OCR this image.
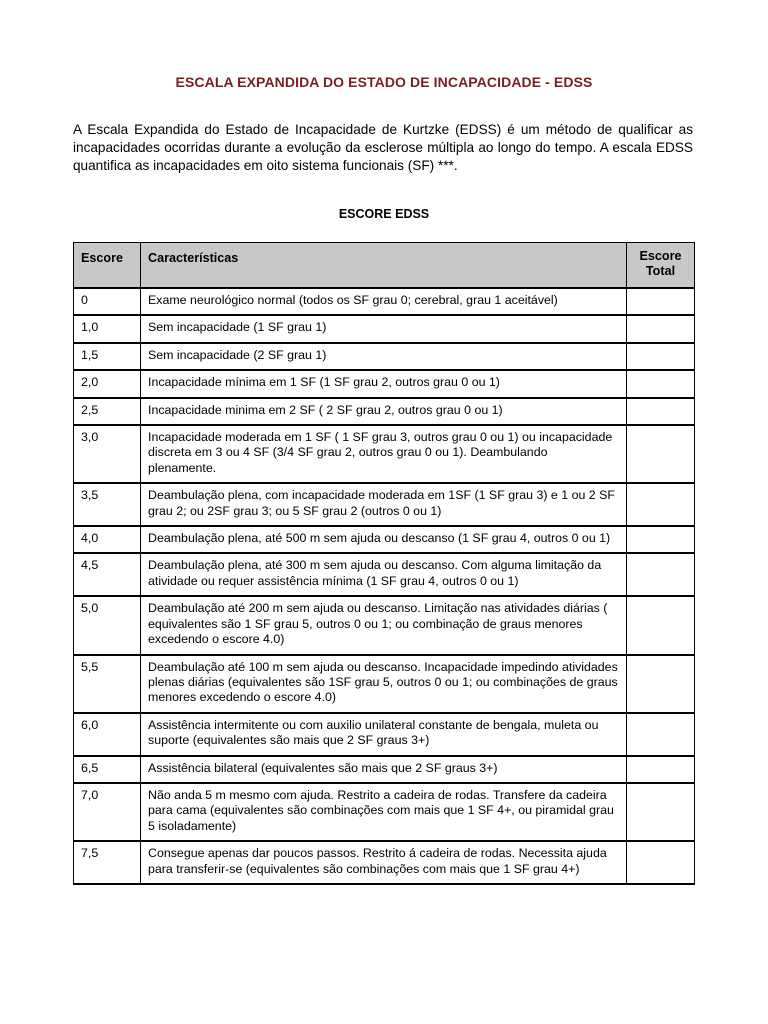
ESCALA EXPANDIDA DO ESTADO DE INCAPACIDADE - EDSS
A Escala Expandida do Estado de Incapacidade de Kurtzke (EDSS) é um método de qualificar as incapacidades ocorridas durante a evolução da esclerose múltipla ao longo do tempo. A escala EDSS quantifica as incapacidades em oito sistema funcionais (SF) ***.
ESCORE EDSS
Escore	Características	Escore Total
0	Exame neurológico normal (todos os SF grau 0; cerebral, grau 1 aceitável)	
1,0	Sem incapacidade (1 SF grau 1)	
1,5	Sem incapacidade (2 SF grau 1)	
2,0	Incapacidade mínima em 1 SF (1 SF grau 2, outros grau 0 ou 1)	
2,5	Incapacidade minima em 2 SF ( 2 SF grau 2, outros grau 0 ou 1)	
3,0	Incapacidade moderada em 1 SF ( 1 SF grau 3, outros grau 0 ou 1) ou incapacidade discreta em 3 ou 4 SF (3/4 SF grau 2, outros grau 0 ou 1). Deambulando plenamente.	
3,5	Deambulação plena, com incapacidade moderada em 1SF (1 SF grau 3) e 1 ou 2 SF grau 2; ou 2SF grau 3; ou 5 SF grau 2 (outros 0 ou 1)	
4,0	Deambulação plena, até 500 m sem ajuda ou descanso (1 SF grau 4, outros 0 ou 1)	
4,5	Deambulação plena, até 300 m sem ajuda ou descanso. Com alguma limitação da atividade ou requer assistência mínima (1 SF grau 4, outros 0 ou 1)	
5,0	Deambulação até 200 m sem ajuda ou descanso. Limitação nas atividades diárias ( equivalentes são 1 SF grau 5, outros 0 ou 1; ou combinação de graus menores excedendo o escore 4.0)	
5,5	Deambulação até 100 m sem ajuda ou descanso. Incapacidade impedindo atividades plenas diárias (equivalentes são 1SF grau 5, outros 0 ou 1; ou combinações de graus menores excedendo o escore 4.0)	
6,0	Assistência intermitente ou com auxilio unilateral constante de bengala, muleta ou suporte (equivalentes são mais que 2 SF graus 3+)	
6,5	Assistência bilateral (equivalentes são mais que 2 SF graus 3+)	
7,0	Não anda 5 m mesmo com ajuda. Restrito a cadeira de rodas. Transfere da cadeira para cama (equivalentes são combinações com mais que 1 SF 4+, ou piramidal grau 5 isoladamente)	
7,5	Consegue apenas dar poucos passos. Restrito á cadeira de rodas. Necessita ajuda para transferir-se (equivalentes são combinações com mais que 1 SF grau 4+)	
